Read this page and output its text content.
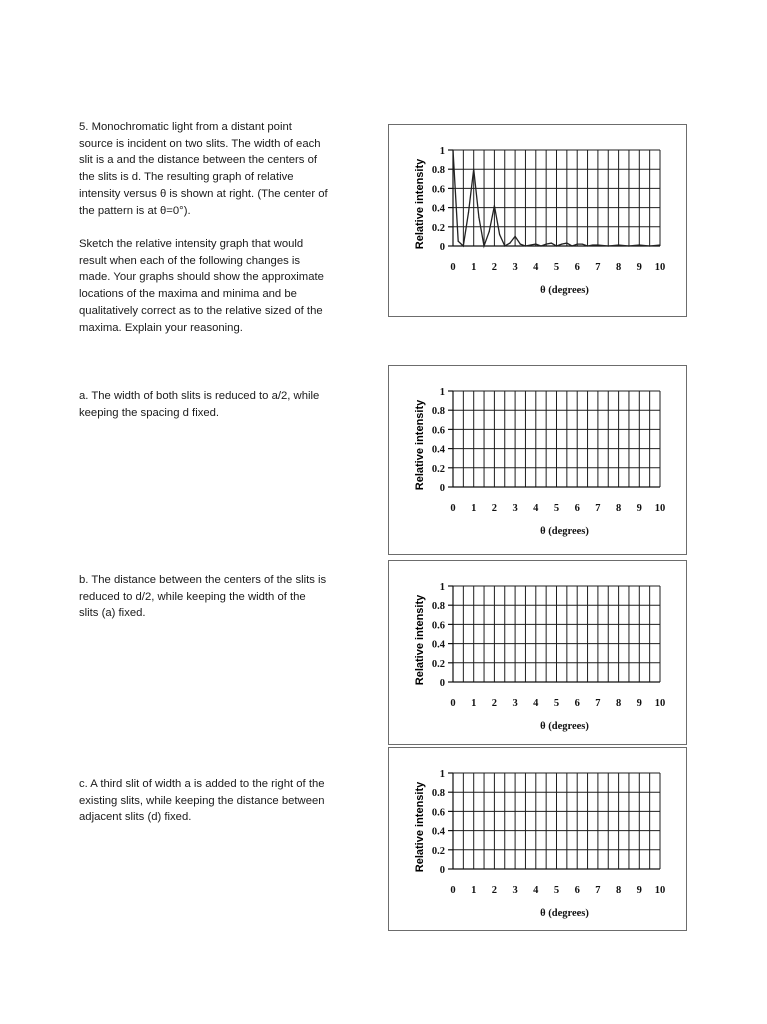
5. Monochromatic light from a distant point

source is incident on two slits. The width of each

slit is a and the distance between the centers of

the slits is d. The resulting graph of relative

intensity versus θ is shown at right. (The center of

the pattern is at θ=0°).

Sketch the relative intensity graph that would

result when each of the following changes is

made. Your graphs should show the approximate

locations of the maxima and minima and be

qualitatively correct as to the relative sized of the

maxima. Explain your reasoning.

a. The width of both slits is reduced to a/2, while

keeping the spacing d fixed.

b. The distance between the centers of the slits is

reduced to d/2, while keeping the width of the

slits (a) fixed.

c. A third slit of width a is added to the right of the

existing slits, while keeping the distance between

adjacent slits (d) fixed.

0
0.2
0.4
0.6
0.8
1
0 1 2 3 4 5 6 7 8 9 10
θ (degrees)
Relative intensity
0
0.2
0.4
0.6
0.8
1
0 1 2 3 4 5 6 7 8 9 10
θ (degrees)
Relative intensity
0
0.2
0.4
0.6
0.8
1
0 1 2 3 4 5 6 7 8 9 10
θ (degrees)
Relative intensity
0
0.2
0.4
0.6
0.8
1
0 1 2 3 4 5 6 7 8 9 10
θ (degrees)
Relative intensity
